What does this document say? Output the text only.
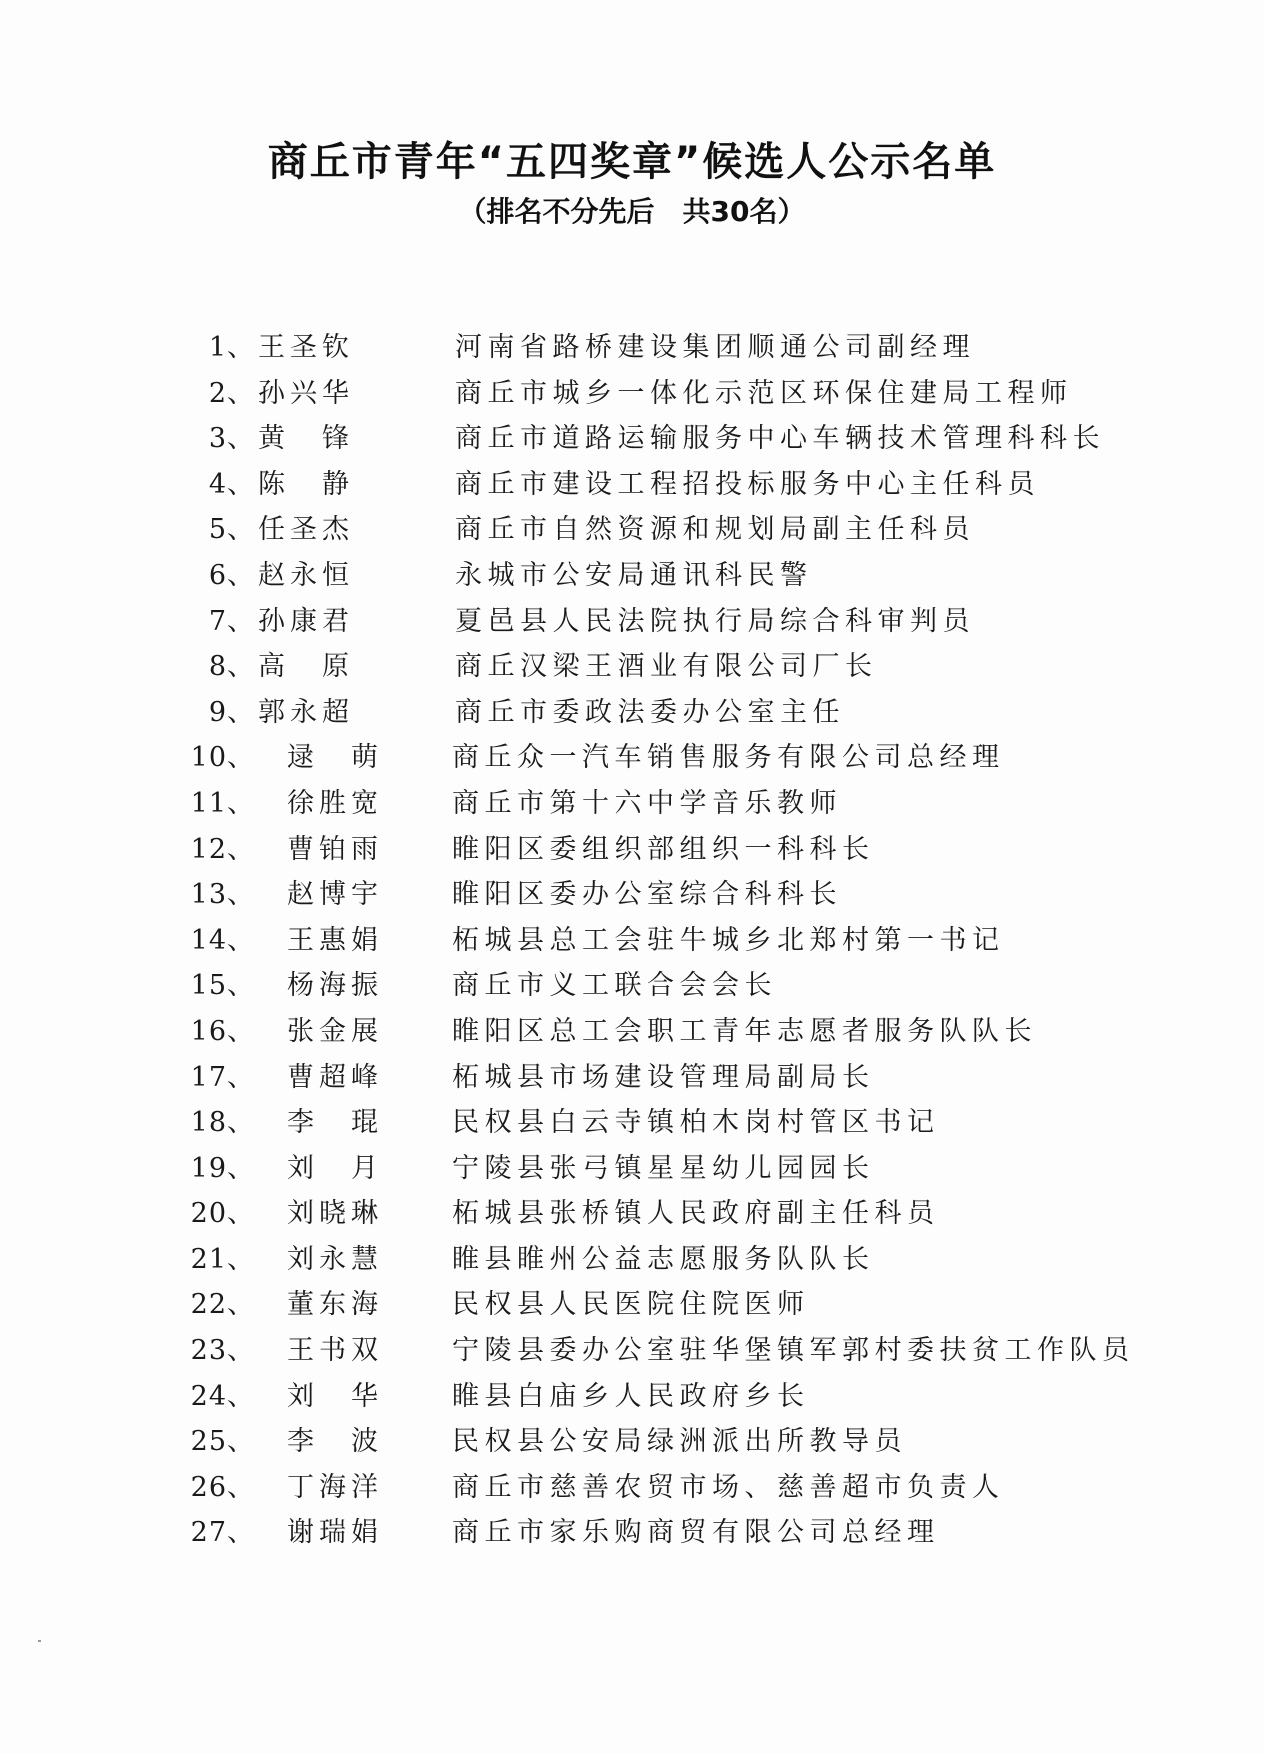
商丘市青年“五四奖章”候选人公示名单
（排名不分先后 共30名）
1、 王圣钦	河南省路桥建设集团顺通公司副经理
2、 孙兴华	商丘市城乡一体化示范区环保住建局工程师
3、 黄　锋	商丘市道路运输服务中心车辆技术管理科科长
4、 陈　静	商丘市建设工程招投标服务中心主任科员
5、 任圣杰	商丘市自然资源和规划局副主任科员
6、 赵永恒	永城市公安局通讯科民警
7、 孙康君	夏邑县人民法院执行局综合科审判员
8、 高　原	商丘汉梁王酒业有限公司厂长
9、 郭永超	商丘市委政法委办公室主任
10、 逯　萌	商丘众一汽车销售服务有限公司总经理
11、 徐胜宽	商丘市第十六中学音乐教师
12、 曹铂雨	睢阳区委组织部组织一科科长
13、 赵博宇	睢阳区委办公室综合科科长
14、 王惠娟	柘城县总工会驻牛城乡北郑村第一书记
15、 杨海振	商丘市义工联合会会长
16、 张金展	睢阳区总工会职工青年志愿者服务队队长
17、 曹超峰	柘城县市场建设管理局副局长
18、 李　琨	民权县白云寺镇柏木岗村管区书记
19、 刘　月	宁陵县张弓镇星星幼儿园园长
20、 刘晓琳	柘城县张桥镇人民政府副主任科员
21、 刘永慧	睢县睢州公益志愿服务队队长
22、 董东海	民权县人民医院住院医师
23、 王书双	宁陵县委办公室驻华堡镇军郭村委扶贫工作队员
24、 刘　华	睢县白庙乡人民政府乡长
25、 李　波	民权县公安局绿洲派出所教导员
26、 丁海洋	商丘市慈善农贸市场、慈善超市负责人
27、 谢瑞娟	商丘市家乐购商贸有限公司总经理
